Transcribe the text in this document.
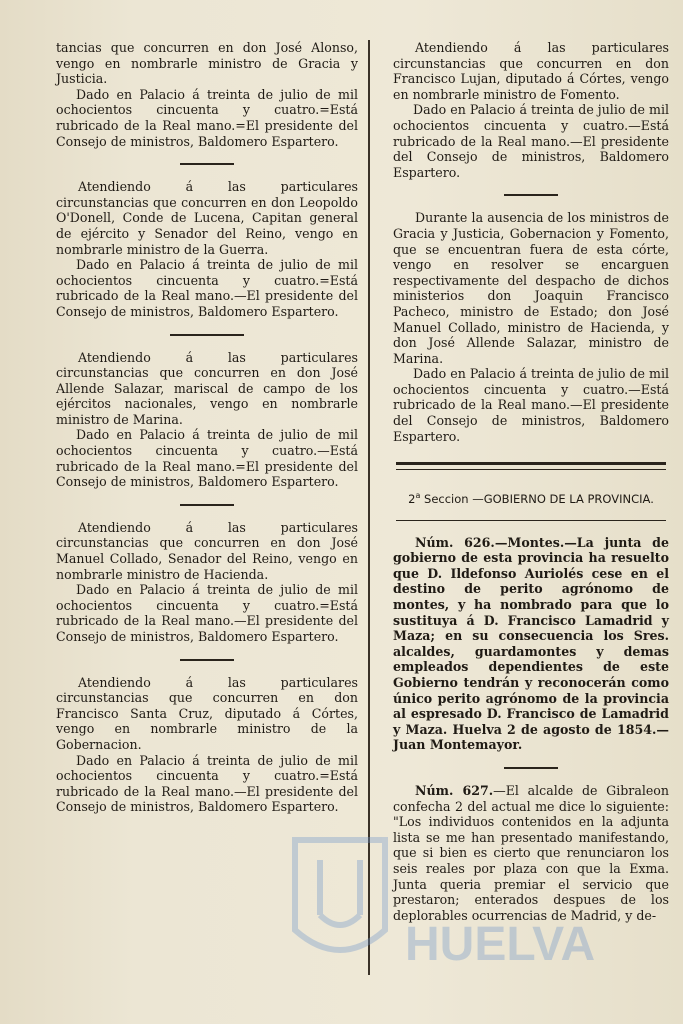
tancias que concurren en don José Alonso, vengo en nombrarle ministro de Gracia y Justicia.

Dado en Palacio á treinta de julio de mil ochocientos cincuenta y cuatro.=Está rubricado de la Real mano.=El presidente del Consejo de ministros, Baldomero Espartero.

Atendiendo á las particulares circunstancias que concurren en don Leopoldo O'Donell, Conde de Lucena, Capitan general de ejército y Senador del Reino, vengo en nombrarle ministro de la Guerra.

Dado en Palacio á treinta de julio de mil ochocientos cincuenta y cuatro.=Está rubricado de la Real mano.—El presidente del Consejo de ministros, Baldomero Espartero.

Atendiendo á las particulares circunstancias que concurren en don José Allende Salazar, mariscal de campo de los ejércitos nacionales, vengo en nombrarle ministro de Marina.

Dado en Palacio á treinta de julio de mil ochocientos cincuenta y cuatro.—Está rubricado de la Real mano.=El presidente del Consejo de ministros, Baldomero Espartero.

Atendiendo á las particulares circunstancias que concurren en don José Manuel Collado, Senador del Reino, vengo en nombrarle ministro de Hacienda.

Dado en Palacio á treinta de julio de mil ochocientos cincuenta y cuatro.=Está rubricado de la Real mano.—El presidente del Consejo de ministros, Baldomero Espartero.

Atendiendo á las particulares circunstancias que concurren en don Francisco Santa Cruz, diputado á Córtes, vengo en nombrarle ministro de la Gobernacion.

Dado en Palacio á treinta de julio de mil ochocientos cincuenta y cuatro.=Está rubricado de la Real mano.—El presidente del Consejo de ministros, Baldomero Espartero.

Atendiendo á las particulares circunstancias que concurren en don Francisco Lujan, diputado á Córtes, vengo en nombrarle ministro de Fomento.

Dado en Palacio á treinta de julio de mil ochocientos cincuenta y cuatro.—Está rubricado de la Real mano.—El presidente del Consejo de ministros, Baldomero Espartero.

Durante la ausencia de los ministros de Gracia y Justicia, Gobernacion y Fomento, que se encuentran fuera de esta córte, vengo en resolver se encarguen respectivamente del despacho de dichos ministerios don Joaquin Francisco Pacheco, ministro de Estado; don José Manuel Collado, ministro de Hacienda, y don José Allende Salazar, ministro de Marina.

Dado en Palacio á treinta de julio de mil ochocientos cincuenta y cuatro.—Está rubricado de la Real mano.—El presidente del Consejo de ministros, Baldomero Espartero.

2$^a$ Seccion —GOBIERNO DE LA PROVINCIA.

Núm. 626.—Montes.—La junta de gobierno de esta provincia ha resuelto que D. Ildefonso Auriolés cese en el destino de perito agrónomo de montes, y ha nombrado para que lo sustituya á D. Francisco Lamadrid y Maza; en su consecuencia los Sres. alcaldes, guardamontes y demas empleados dependientes de este Gobierno tendrán y reconocerán como único perito agrónomo de la provincia al espresado D. Francisco de Lamadrid y Maza. Huelva 2 de agosto de 1854.—Juan Montemayor.

Núm. 627.—El alcalde de Gibraleon confecha 2 del actual me dice lo siguiente: "Los individuos contenidos en la adjunta lista se me han presentado manifestando, que si bien es cierto que renunciaron los seis reales por plaza con que la Exma. Junta queria premiar el servicio que prestaron; enterados despues de los deplorables ocurrencias de Madrid, y de-

HUELVA
